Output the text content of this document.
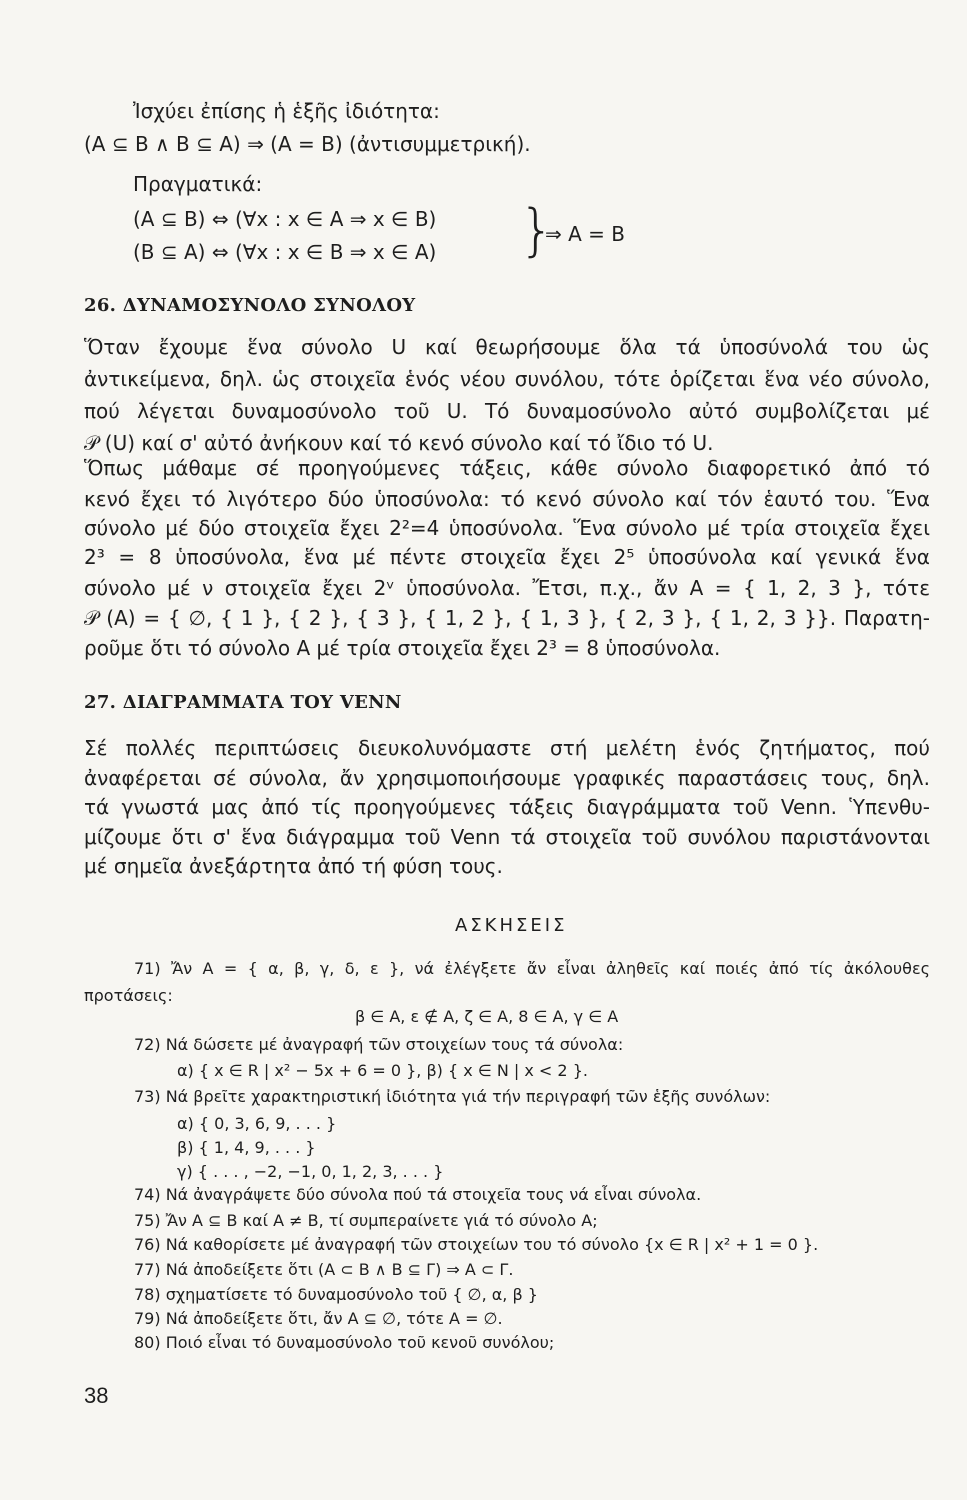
Ἰσχύει ἐπίσης ἡ ἑξῆς ἰδιότητα:
(A ⊆ B ∧ B ⊆ A) ⇒ (A = B) (ἀντισυμμετρική).
Πραγματικά:
(A ⊆ B) ⇔ (∀x : x ∈ A ⇒ x ∈ B)
(B ⊆ A) ⇔ (∀x : x ∈ B ⇒ x ∈ A) }
⇒ A = B
26. ΔΥΝΑΜΟΣΥΝΟΛΟ ΣΥΝΟΛΟΥ
Ὅταν ἔχουμε ἕνα σύνολο U καί θεωρήσουμε ὅλα τά ὑποσύνολά του ὡς
ἀντικείμενα, δηλ. ὡς στοιχεῖα ἑνός νέου συνόλου, τότε ὁρίζεται ἕνα νέο σύνολο,
πού λέγεται δυναμοσύνολο τοῦ U. Τό δυναμοσύνολο αὐτό συμβολίζεται μέ
𝒫 (U) καί σ' αὐτό ἀνήκουν καί τό κενό σύνολο καί τό ἴδιο τό U.
Ὅπως μάθαμε σέ προηγούμενες τάξεις, κάθε σύνολο διαφορετικό ἀπό τό
κενό ἔχει τό λιγότερο δύο ὑποσύνολα: τό κενό σύνολο καί τόν ἑαυτό του. Ἕνα
σύνολο μέ δύο στοιχεῖα ἔχει 2²=4 ὑποσύνολα. Ἕνα σύνολο μέ τρία στοιχεῖα ἔχει
2³ = 8 ὑποσύνολα, ἕνα μέ πέντε στοιχεῖα ἔχει 2⁵ ὑποσύνολα καί γενικά ἕνα
σύνολο μέ ν στοιχεῖα ἔχει 2ᵛ ὑποσύνολα. Ἔτσι, π.χ., ἄν A = { 1, 2, 3 }, τότε
𝒫 (A) = { ∅, { 1 }, { 2 }, { 3 }, { 1, 2 }, { 1, 3 }, { 2, 3 }, { 1, 2, 3 }}. Παρατη-
ροῦμε ὅτι τό σύνολο A μέ τρία στοιχεῖα ἔχει 2³ = 8 ὑποσύνολα.
27. ΔΙΑΓΡΑΜΜΑΤΑ ΤΟΥ VENN
Σέ πολλές περιπτώσεις διευκολυνόμαστε στή μελέτη ἑνός ζητήματος, πού
ἀναφέρεται σέ σύνολα, ἄν χρησιμοποιήσουμε γραφικές παραστάσεις τους, δηλ.
τά γνωστά μας ἀπό τίς προηγούμενες τάξεις διαγράμματα τοῦ Venn. Ὑπενθυ-
μίζουμε ὅτι σ' ἕνα διάγραμμα τοῦ Venn τά στοιχεῖα τοῦ συνόλου παριστάνονται
μέ σημεῖα ἀνεξάρτητα ἀπό τή φύση τους.
ΑΣΚΗΣΕΙΣ
71) Ἄν A = { α, β, γ, δ, ε }, νά ἐλέγξετε ἄν εἶναι ἀληθεῖς καί ποιές ἀπό τίς ἀκόλουθες
προτάσεις:
β ∈ A, ε ∉ A, ζ ∈ A, 8 ∈ A, γ ∈ A
72) Νά δώσετε μέ ἀναγραφή τῶν στοιχείων τους τά σύνολα:
α) { x ∈ R | x² − 5x + 6 = 0 }, β) { x ∈ N | x < 2 }.
73) Νά βρεῖτε χαρακτηριστική ἰδιότητα γιά τήν περιγραφή τῶν ἑξῆς συνόλων:
α) { 0, 3, 6, 9, . . . }
β) { 1, 4, 9, . . . }
γ) { . . . , −2, −1, 0, 1, 2, 3, . . . }
74) Νά ἀναγράψετε δύο σύνολα πού τά στοιχεῖα τους νά εἶναι σύνολα.
75) Ἄν A ⊆ B καί A ≠ B, τί συμπεραίνετε γιά τό σύνολο A;
76) Νά καθορίσετε μέ ἀναγραφή τῶν στοιχείων του τό σύνολο {x ∈ R | x² + 1 = 0 }.
77) Νά ἀποδείξετε ὅτι (A ⊂ B ∧ B ⊆ Γ) ⇒ A ⊂ Γ.
78) σχηματίσετε τό δυναμοσύνολο τοῦ { ∅, α, β }
79) Νά ἀποδείξετε ὅτι, ἄν A ⊆ ∅, τότε A = ∅.
80) Ποιό εἶναι τό δυναμοσύνολο τοῦ κενοῦ συνόλου;
38
